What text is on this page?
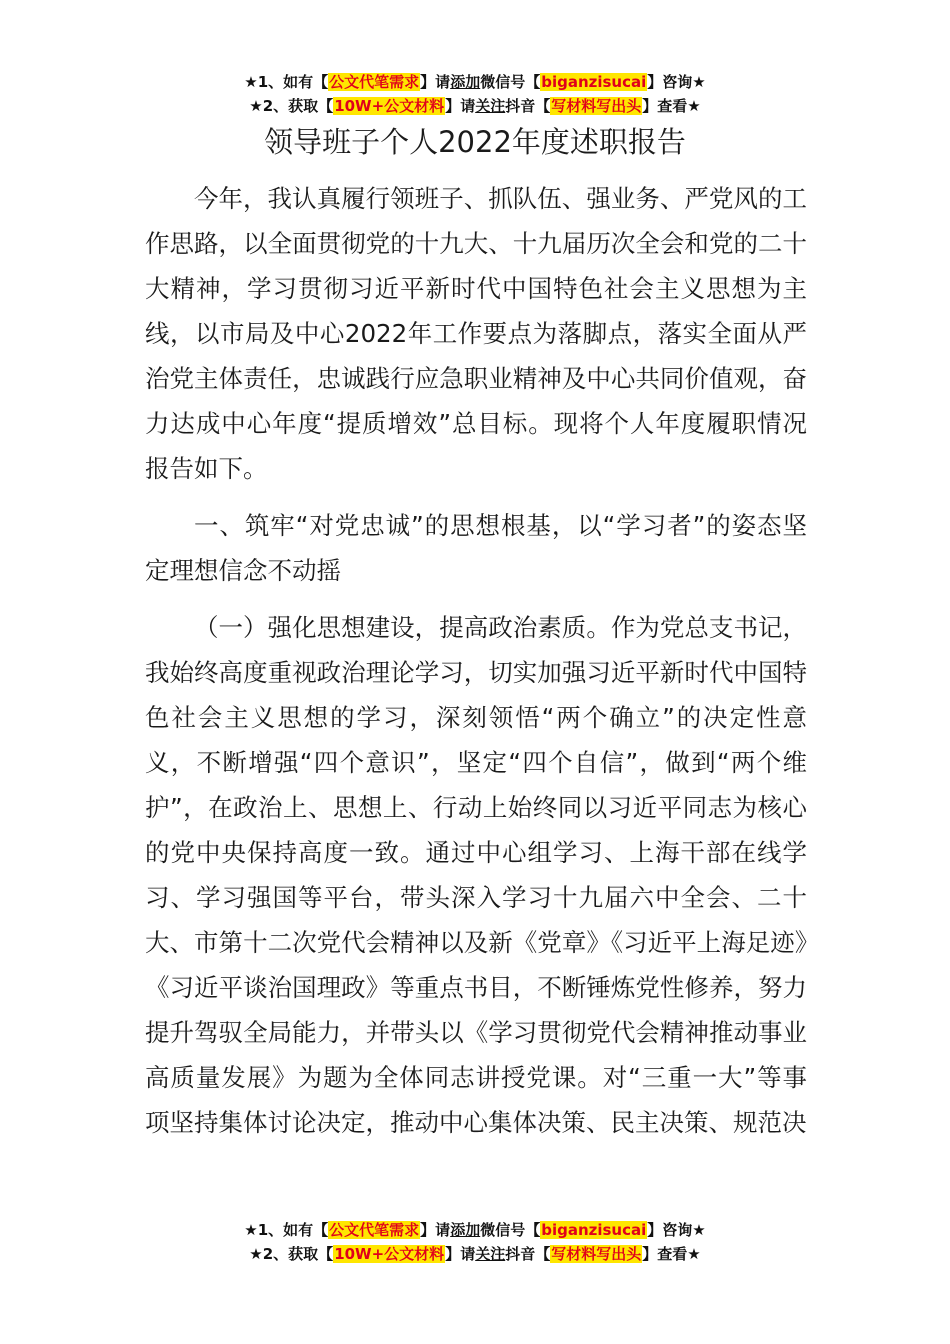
★1、如有【公文代笔需求】请添加微信号【biganzisucai】咨询★
★2、获取【10W+公文材料】请关注抖音【写材料写出头】查看★
领导班子个人2022年度述职报告

今年，我认真履行领班子、抓队伍、强业务、严党风的工作思路，以全面贯彻党的十九大、十九届历次全会和党的二十大精神，学习贯彻习近平新时代中国特色社会主义思想为主线，以市局及中心2022年工作要点为落脚点，落实全面从严治党主体责任，忠诚践行应急职业精神及中心共同价值观，奋力达成中心年度“提质增效”总目标。现将个人年度履职情况报告如下。

一、筑牢“对党忠诚”的思想根基，以“学习者”的姿态坚定理想信念不动摇

（一）强化思想建设，提高政治素质。作为党总支书记，我始终高度重视政治理论学习，切实加强习近平新时代中国特色社会主义思想的学习，深刻领悟“两个确立”的决定性意义，不断增强“四个意识”，坚定“四个自信”，做到“两个维护”，在政治上、思想上、行动上始终同以习近平同志为核心的党中央保持高度一致。通过中心组学习、上海干部在线学习、学习强国等平台，带头深入学习十九届六中全会、二十大、市第十二次党代会精神以及新《党章》《习近平上海足迹》《习近平谈治国理政》等重点书目，不断锤炼党性修养，努力提升驾驭全局能力，并带头以《学习贯彻党代会精神推动事业高质量发展》为题为全体同志讲授党课。对“三重一大”等事项坚持集体讨论决定，推动中心集体决策、民主决策、规范决

★1、如有【公文代笔需求】请添加微信号【biganzisucai】咨询★
★2、获取【10W+公文材料】请关注抖音【写材料写出头】查看★
